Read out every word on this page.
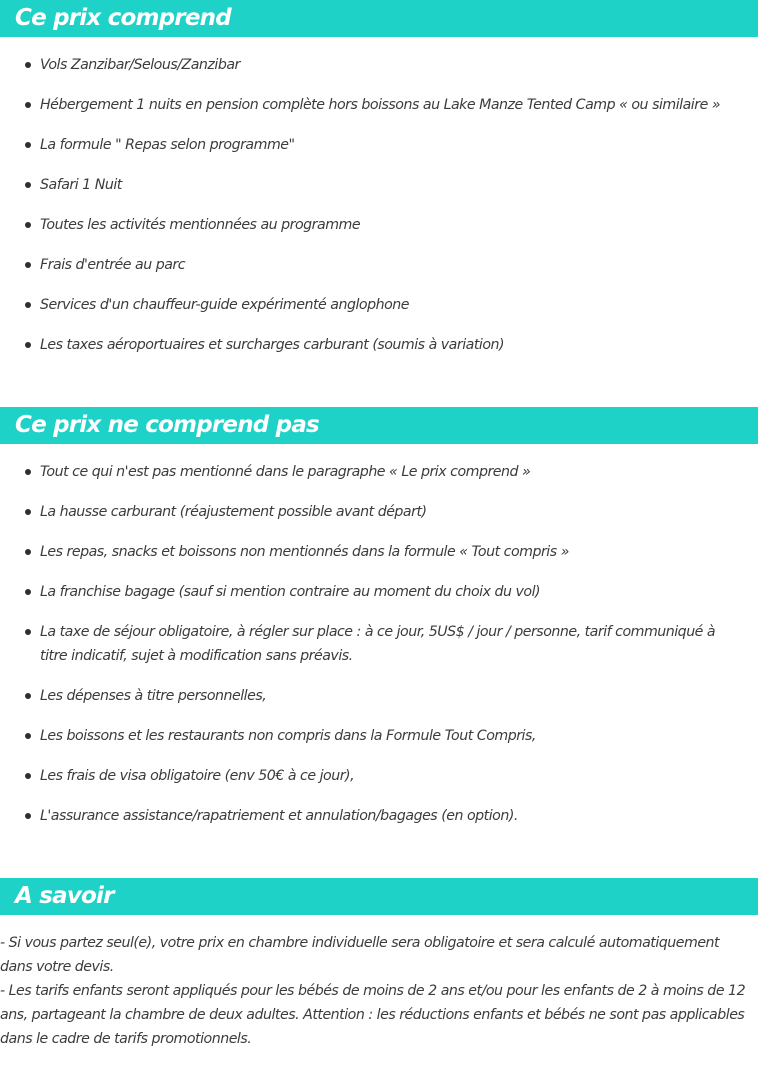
Ce prix comprend
Vols Zanzibar/Selous/Zanzibar
Hébergement 1 nuits en pension complète hors boissons au Lake Manze Tented Camp « ou similaire »
La formule " Repas selon programme"
Safari 1 Nuit
Toutes les activités mentionnées au programme
Frais d'entrée au parc
Services d'un chauffeur-guide expérimenté anglophone
Les taxes aéroportuaires et surcharges carburant (soumis à variation)
Ce prix ne comprend pas
Tout ce qui n'est pas mentionné dans le paragraphe « Le prix comprend »
La hausse carburant (réajustement possible avant départ)
Les repas, snacks et boissons non mentionnés dans la formule « Tout compris »
La franchise bagage (sauf si mention contraire au moment du choix du vol)
La taxe de séjour obligatoire, à régler sur place : à ce jour, 5US$ / jour / personne, tarif communiqué à titre indicatif, sujet à modification sans préavis.
Les dépenses à titre personnelles,
Les boissons et les restaurants non compris dans la Formule Tout Compris,
Les frais de visa obligatoire (env 50€ à ce jour),
L'assurance assistance/rapatriement et annulation/bagages (en option).
A savoir

- Si vous partez seul(e), votre prix en chambre individuelle sera obligatoire et sera calculé automatiquement dans votre devis.

- Les tarifs enfants seront appliqués pour les bébés de moins de 2 ans et/ou pour les enfants de 2 à moins de 12 ans, partageant la chambre de deux adultes. Attention : les réductions enfants et bébés ne sont pas applicables dans le cadre de tarifs promotionnels.
